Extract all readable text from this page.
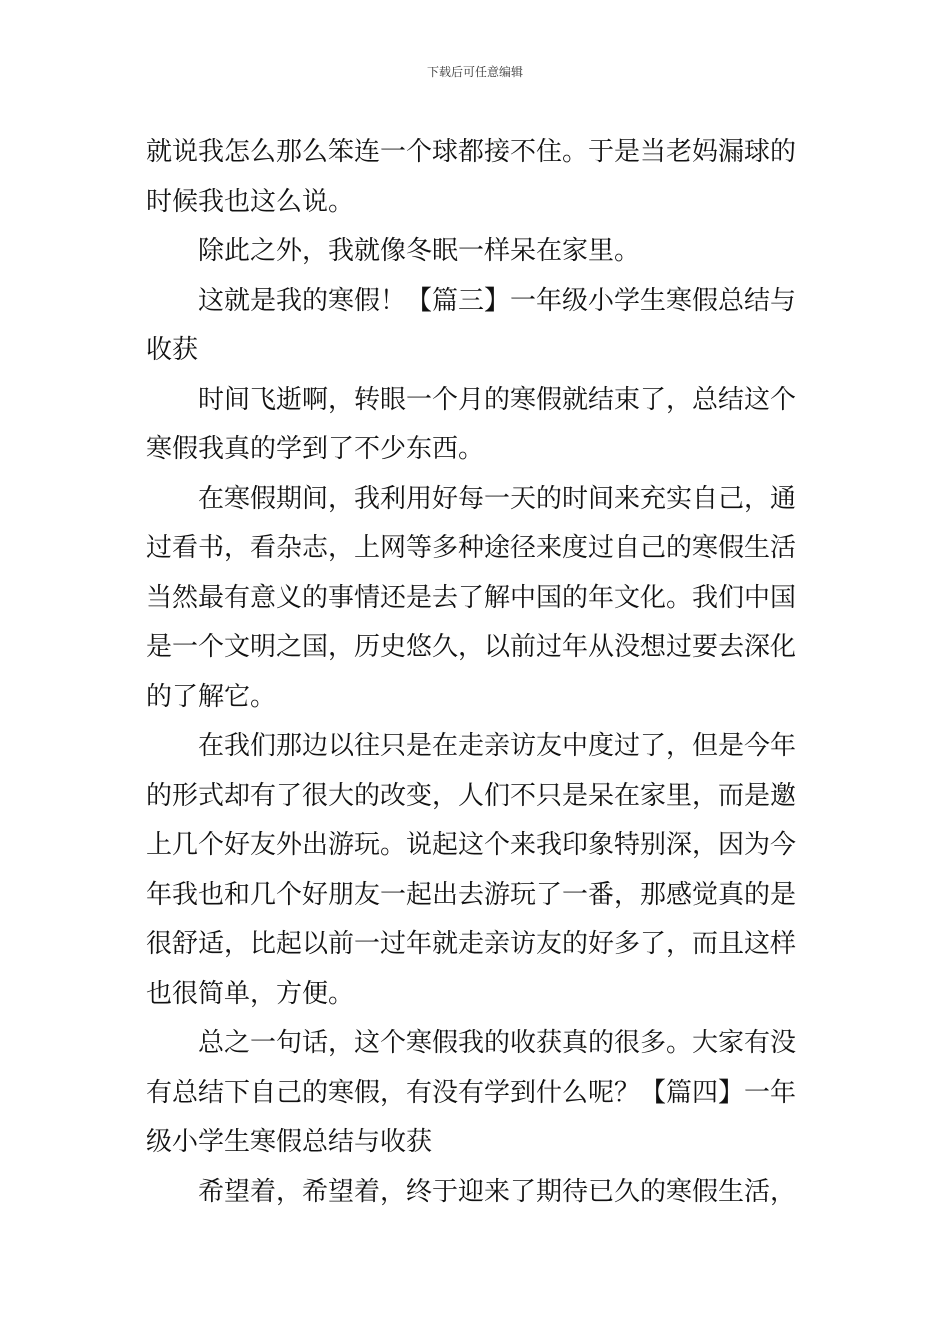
下载后可任意编辑
就说我怎么那么笨连一个球都接不住。于是当老妈漏球的
时候我也这么说。
除此之外，我就像冬眠一样呆在家里。
这就是我的寒假！【篇三】一年级小学生寒假总结与
收获
时间飞逝啊，转眼一个月的寒假就结束了，总结这个
寒假我真的学到了不少东西。
在寒假期间，我利用好每一天的时间来充实自己，通
过看书，看杂志，上网等多种途径来度过自己的寒假生活
当然最有意义的事情还是去了解中国的年文化。我们中国
是一个文明之国，历史悠久，以前过年从没想过要去深化
的了解它。
在我们那边以往只是在走亲访友中度过了，但是今年
的形式却有了很大的改变，人们不只是呆在家里，而是邀
上几个好友外出游玩。说起这个来我印象特别深，因为今
年我也和几个好朋友一起出去游玩了一番，那感觉真的是
很舒适，比起以前一过年就走亲访友的好多了，而且这样
也很简单，方便。
总之一句话，这个寒假我的收获真的很多。大家有没
有总结下自己的寒假，有没有学到什么呢？【篇四】一年
级小学生寒假总结与收获
希望着，希望着，终于迎来了期待已久的寒假生活，
